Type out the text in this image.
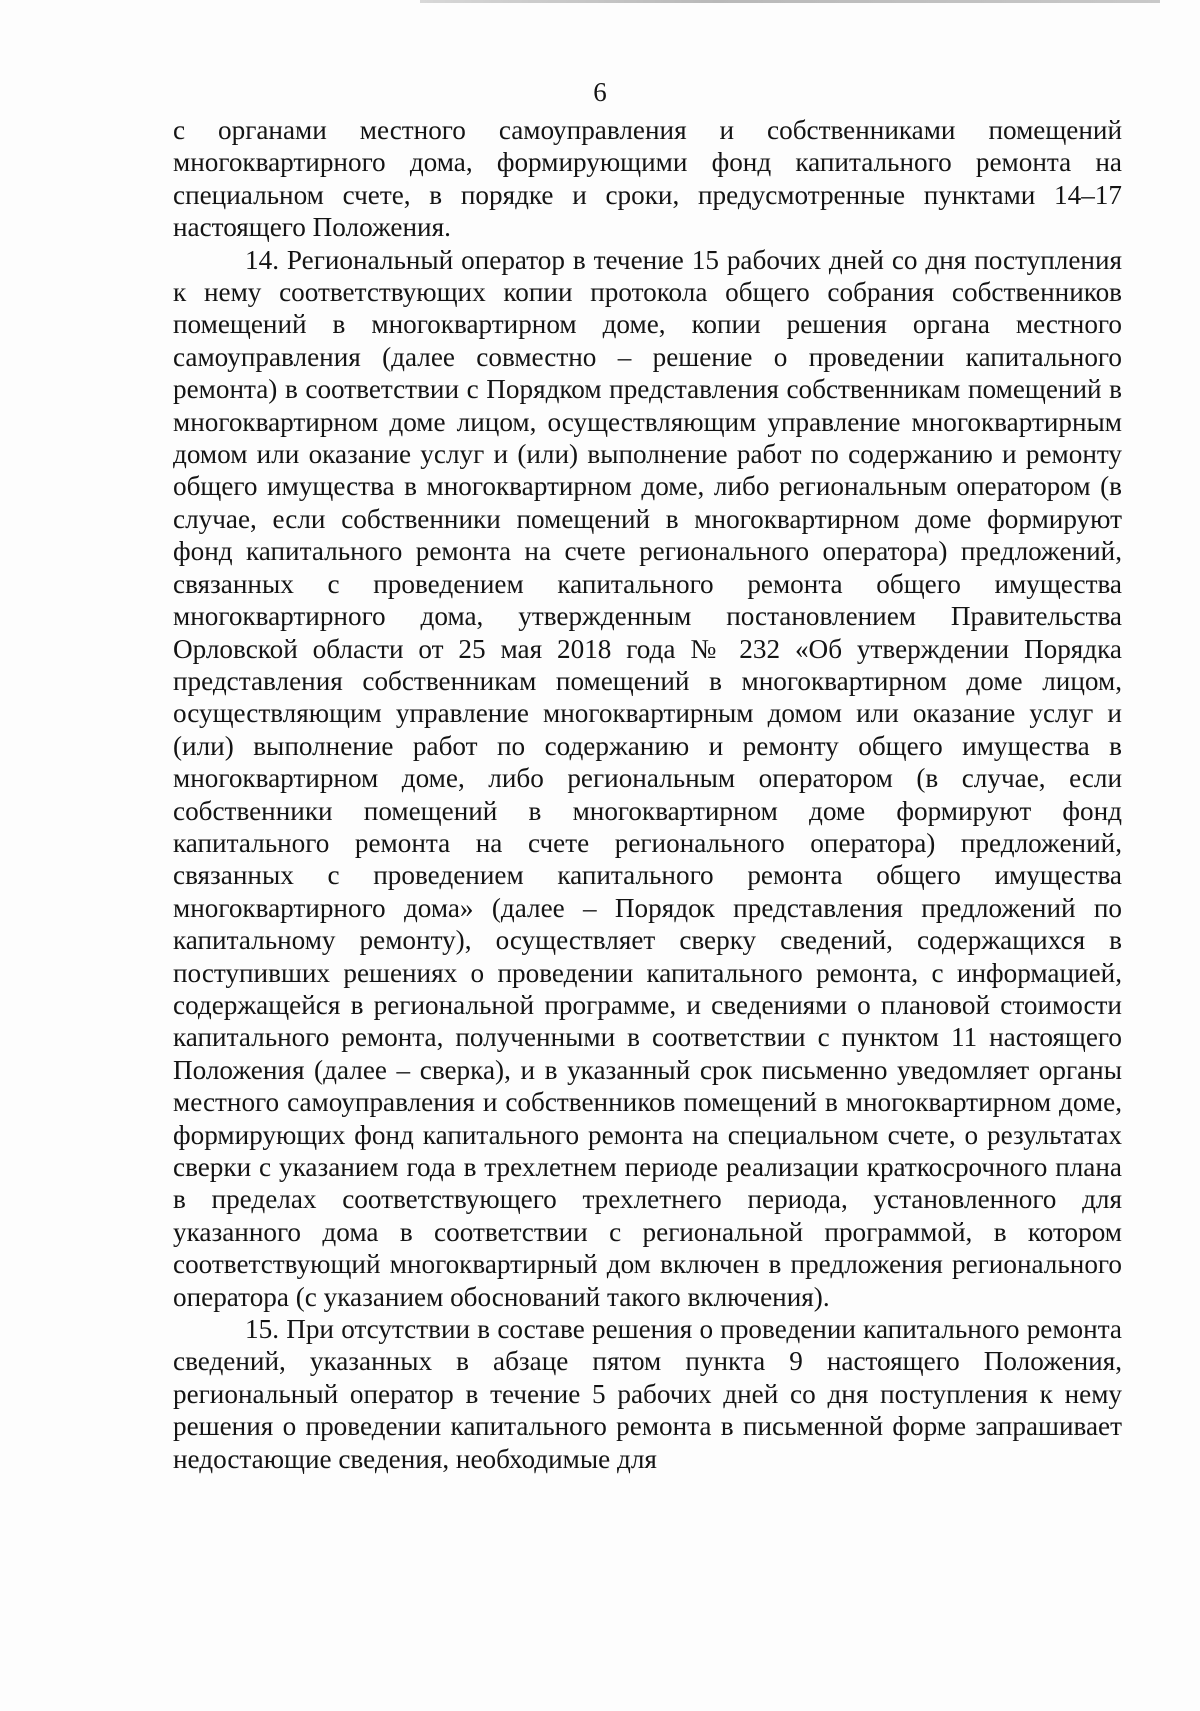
6

с органами местного самоуправления и собственниками помещений многоквартирного дома, формирующими фонд капитального ремонта на специальном счете, в порядке и сроки, предусмотренные пунктами 14–17 настоящего Положения.

14. Региональный оператор в течение 15 рабочих дней со дня поступления к нему соответствующих копии протокола общего собрания собственников помещений в многоквартирном доме, копии решения органа местного самоуправления (далее совместно – решение о проведении капитального ремонта) в соответствии с Порядком представления собственникам помещений в многоквартирном доме лицом, осуществляющим управление многоквартирным домом или оказание услуг и (или) выполнение работ по содержанию и ремонту общего имущества в многоквартирном доме, либо региональным оператором (в случае, если собственники помещений в многоквартирном доме формируют фонд капитального ремонта на счете регионального оператора) предложений, связанных с проведением капитального ремонта общего имущества многоквартирного дома, утвержденным постановлением Правительства Орловской области от 25 мая 2018 года № 232 «Об утверждении Порядка представления собственникам помещений в многоквартирном доме лицом, осуществляющим управление многоквартирным домом или оказание услуг и (или) выполнение работ по содержанию и ремонту общего имущества в многоквартирном доме, либо региональным оператором (в случае, если собственники помещений в многоквартирном доме формируют фонд капитального ремонта на счете регионального оператора) предложений, связанных с проведением капитального ремонта общего имущества многоквартирного дома» (далее – Порядок представления предложений по капитальному ремонту), осуществляет сверку сведений, содержащихся в поступивших решениях о проведении капитального ремонта, с информацией, содержащейся в региональной программе, и сведениями о плановой стоимости капитального ремонта, полученными в соответствии с пунктом 11 настоящего Положения (далее – сверка), и в указанный срок письменно уведомляет органы местного самоуправления и собственников помещений в многоквартирном доме, формирующих фонд капитального ремонта на специальном счете, о результатах сверки с указанием года в трехлетнем периоде реализации краткосрочного плана в пределах соответствующего трехлетнего периода, установленного для указанного дома в соответствии с региональной программой, в котором соответствующий многоквартирный дом включен в предложения регионального оператора (с указанием обоснований такого включения).

15. При отсутствии в составе решения о проведении капитального ремонта сведений, указанных в абзаце пятом пункта 9 настоящего Положения, региональный оператор в течение 5 рабочих дней со дня поступления к нему решения о проведении капитального ремонта в письменной форме запрашивает недостающие сведения, необходимые для
